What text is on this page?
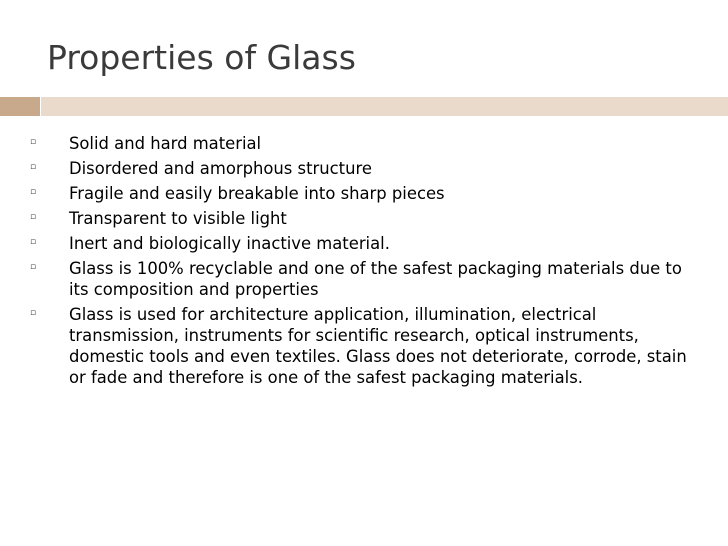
Properties of Glass
▫ Solid and hard material
▫ Disordered and amorphous structure
▫ Fragile and easily breakable into sharp pieces
▫ Transparent to visible light
▫ Inert and biologically inactive material.
▫ Glass is 100% recyclable and one of the safest packaging materials due to its composition and properties
▫ Glass is used for architecture application, illumination, electrical transmission, instruments for scientific research, optical instruments, domestic tools and even textiles. Glass does not deteriorate, corrode, stain or fade and therefore is one of the safest packaging materials.
